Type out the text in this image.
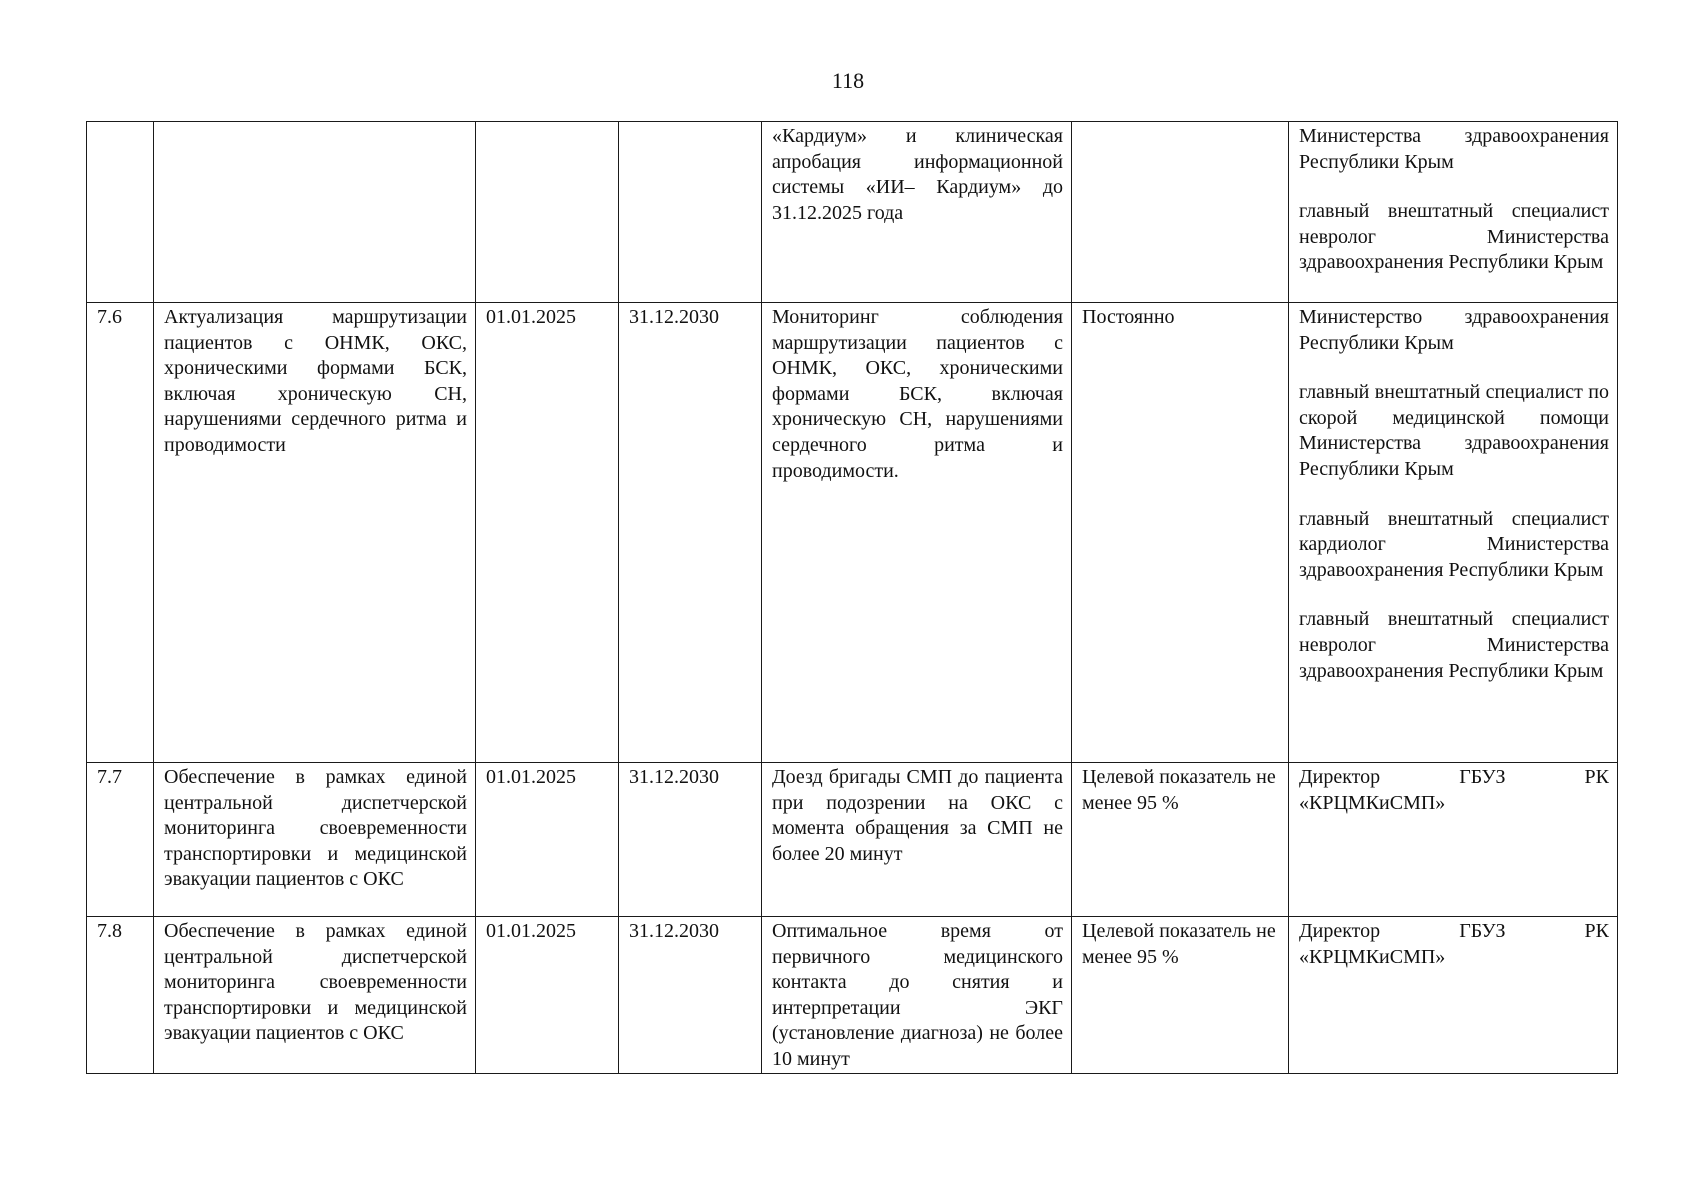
118
				«Кардиум» и клиническая апробация информационной системы «ИИ– Кардиум» до 31.12.2025 года		Министерства здравоохранения Республики Крым
главный внештатный специалист невролог Министерства здравоохранения Республики Крым

7.6	Актуализация маршрутизации пациентов с ОНМК, ОКС, хроническими формами БСК, включая хроническую СН, нарушениями сердечного ритма и проводимости	01.01.2025	31.12.2030	Мониторинг соблюдения маршрутизации пациентов с ОНМК, ОКС, хроническими формами БСК, включая хроническую СН, нарушениями сердечного ритма и проводимости.	Постоянно	Министерство здравоохранения Республики Крым
главный внештатный специалист по скорой медицинской помощи Министерства здравоохранения Республики Крым
главный внештатный специалист кардиолог Министерства здравоохранения Республики Крым
главный внештатный специалист невролог Министерства здравоохранения Республики Крым

7.7	Обеспечение в рамках единой центральной диспетчерской мониторинга своевременности транспортировки и медицинской эвакуации пациентов с ОКС	01.01.2025	31.12.2030	Доезд бригады СМП до пациента при подозрении на ОКС с момента обращения за СМП не более 20 минут	Целевой показатель не менее 95 %	Директор ГБУЗ РК «КРЦМКиСМП»
7.8	Обеспечение в рамках единой центральной диспетчерской мониторинга своевременности транспортировки и медицинской эвакуации пациентов с ОКС	01.01.2025	31.12.2030	Оптимальное время от первичного медицинского контакта до снятия и интерпретации ЭКГ (установление диагноза) не более 10 минут	Целевой показатель не менее 95 %	Директор ГБУЗ РК «КРЦМКиСМП»
